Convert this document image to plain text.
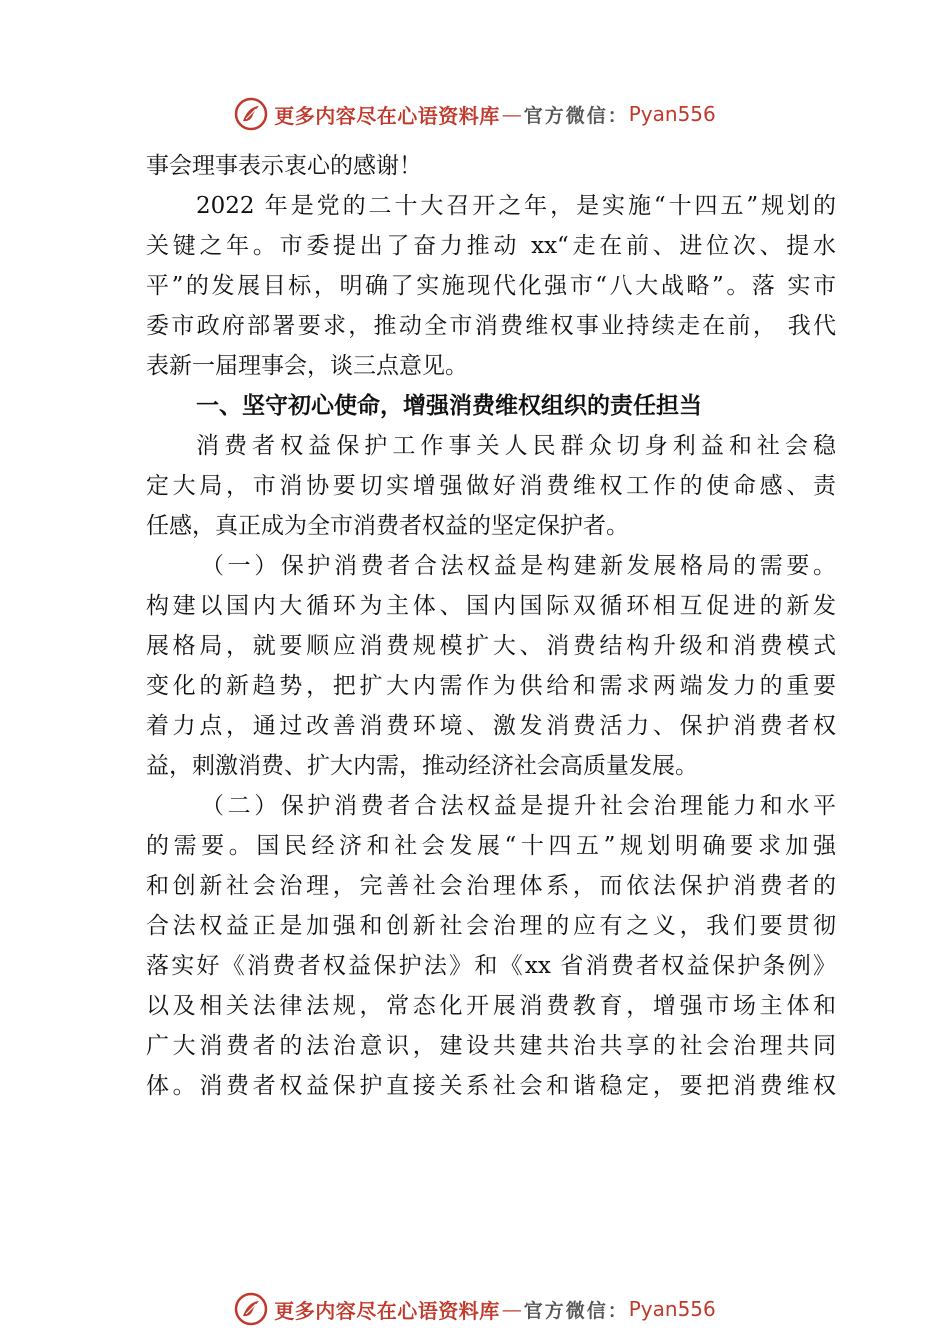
更多内容尽在心语资料库 — 官方微信： Pyan556
事会理事表示衷心的感谢！
2022 年是党的二十大召开之年，是实施“十四五”规划的
关键之年。市委提出了奋力推动 xx“走在前、进位次、提水
平”的发展目标，明确了实施现代化强市“八大战略”。落 实市
委市政府部署要求，推动全市消费维权事业持续走在前， 我代
表新一届理事会，谈三点意见。
一、坚守初心使命，增强消费维权组织的责任担当
消费者权益保护工作事关人民群众切身利益和社会稳
定大局，市消协要切实增强做好消费维权工作的使命感、责
任感，真正成为全市消费者权益的坚定保护者。
（一）保护消费者合法权益是构建新发展格局的需要。
构建以国内大循环为主体、国内国际双循环相互促进的新发
展格局，就要顺应消费规模扩大、消费结构升级和消费模式
变化的新趋势，把扩大内需作为供给和需求两端发力的重要
着力点，通过改善消费环境、激发消费活力、保护消费者权
益，刺激消费、扩大内需，推动经济社会高质量发展。
（二）保护消费者合法权益是提升社会治理能力和水平
的需要。国民经济和社会发展“十四五”规划明确要求加强
和创新社会治理，完善社会治理体系，而依法保护消费者的
合法权益正是加强和创新社会治理的应有之义，我们要贯彻
落实好《消费者权益保护法》和《xx 省消费者权益保护条例》
以及相关法律法规，常态化开展消费教育，增强市场主体和
广大消费者的法治意识，建设共建共治共享的社会治理共同
体。消费者权益保护直接关系社会和谐稳定，要把消费维权
更多内容尽在心语资料库 — 官方微信： Pyan556
